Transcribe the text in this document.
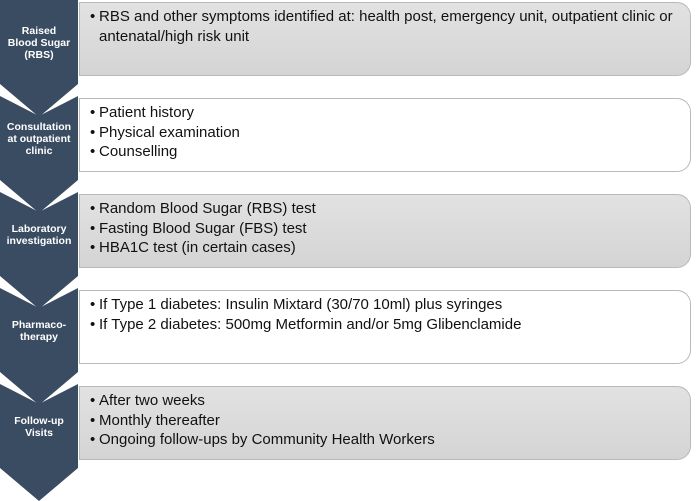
Raised
Blood Sugar
(RBS)
• RBS and other symptoms identified at: health post, emergency unit, outpatient clinic or antenatal/high risk unit
Consultation
at outpatient
clinic
• Patient history
• Physical examination
• Counselling
Laboratory
investigation
• Random Blood Sugar (RBS) test
• Fasting Blood Sugar (FBS) test
• HBA1C test (in certain cases)
Pharmaco-
therapy
• If Type 1 diabetes: Insulin Mixtard (30/70 10ml) plus syringes
• If Type 2 diabetes: 500mg Metformin and/or 5mg Glibenclamide
Follow-up
Visits
• After two weeks
• Monthly thereafter
• Ongoing follow-ups by Community Health Workers
